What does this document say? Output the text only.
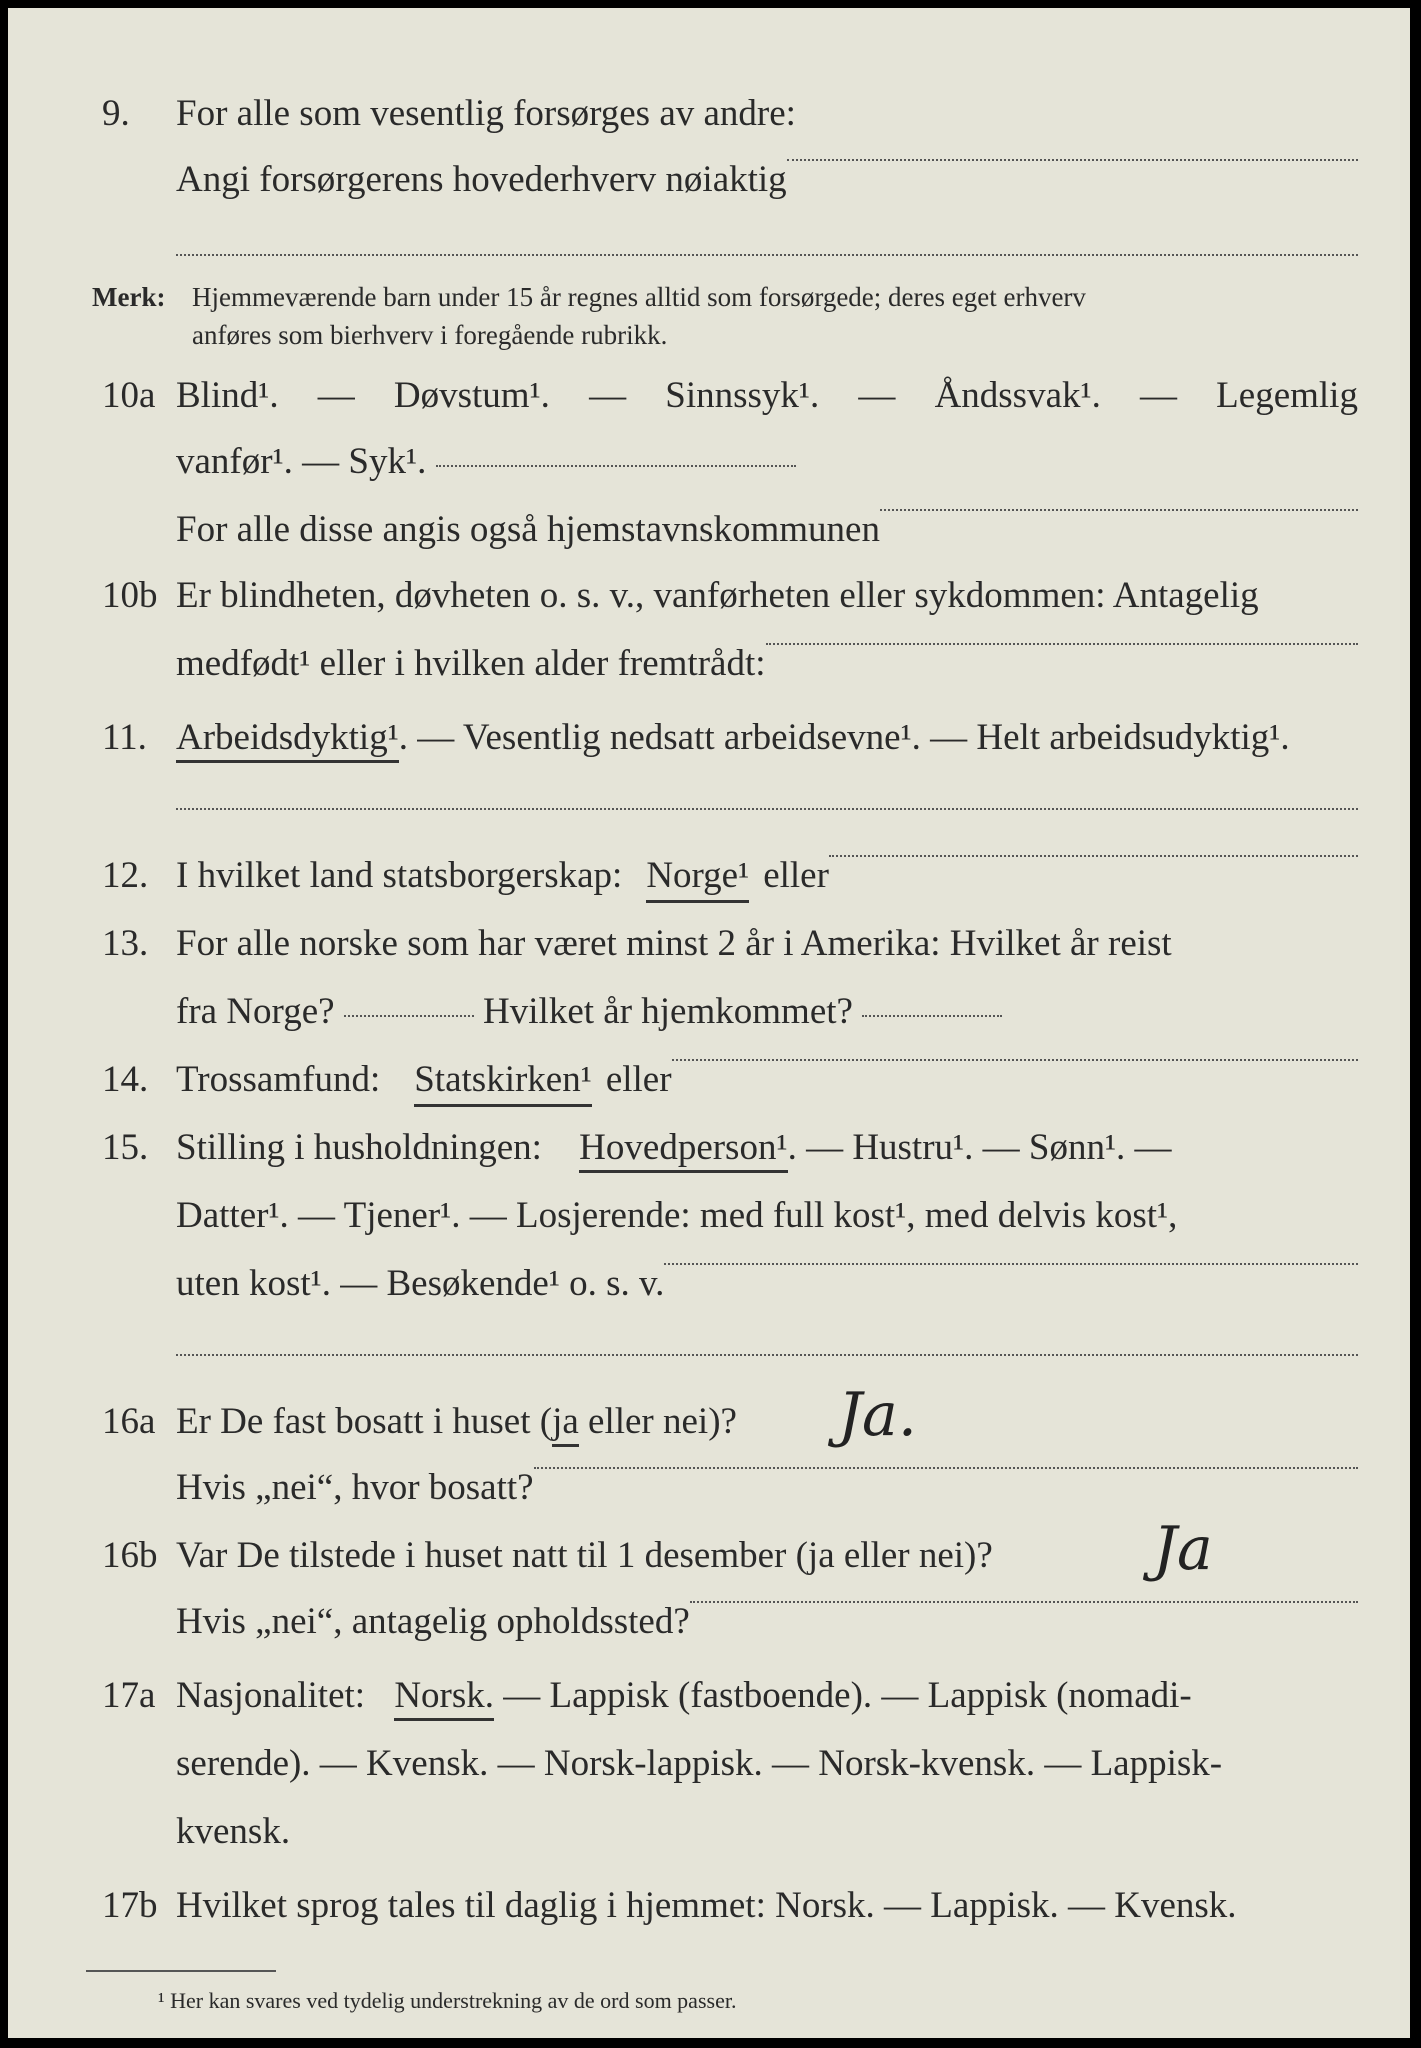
9. For alle som vesentlig forsørges av andre:
Angi forsørgerens hovederhverv nøiaktig
Merk: Hjemmeværende barn under 15 år regnes alltid som forsørgede; deres eget erhverv
anføres som bierhverv i foregående rubrikk.
10a Blind¹. — Døvstum¹. — Sinnssyk¹. — Åndssvak¹. — Legemlig
vanfør¹. — Syk¹.
For alle disse angis også hjemstavnskommunen
10b Er blindheten, døvheten o. s. v., vanførheten eller sykdommen: Antagelig
medfødt¹ eller i hvilken alder fremtrådt:
11. Arbeidsdyktig¹. — Vesentlig nedsatt arbeidsevne¹. — Helt arbeidsudyktig¹.
12. I hvilket land statsborgerskap: Norge¹ eller
13. For alle norske som har været minst 2 år i Amerika: Hvilket år reist
fra Norge?	Hvilket år hjemkommet?
14. Trossamfund: Statskirken¹ eller
15. Stilling i husholdningen: Hovedperson¹. — Hustru¹. — Sønn¹. —
Datter¹. — Tjener¹. — Losjerende: med full kost¹, med delvis kost¹,
uten kost¹. — Besøkende¹ o. s. v.
16a Er De fast bosatt i huset (ja eller nei)?	Ja.
Hvis „nei“, hvor bosatt?
16b Var De tilstede i huset natt til 1 desember (ja eller nei)?	Ja
Hvis „nei“, antagelig opholdssted?
17a Nasjonalitet: Norsk. — Lappisk (fastboende). — Lappisk (nomadi-
serende). — Kvensk. — Norsk-lappisk. — Norsk-kvensk. — Lappisk-
kvensk.
17b Hvilket sprog tales til daglig i hjemmet: Norsk. — Lappisk. — Kvensk.
¹ Her kan svares ved tydelig understrekning av de ord som passer.
